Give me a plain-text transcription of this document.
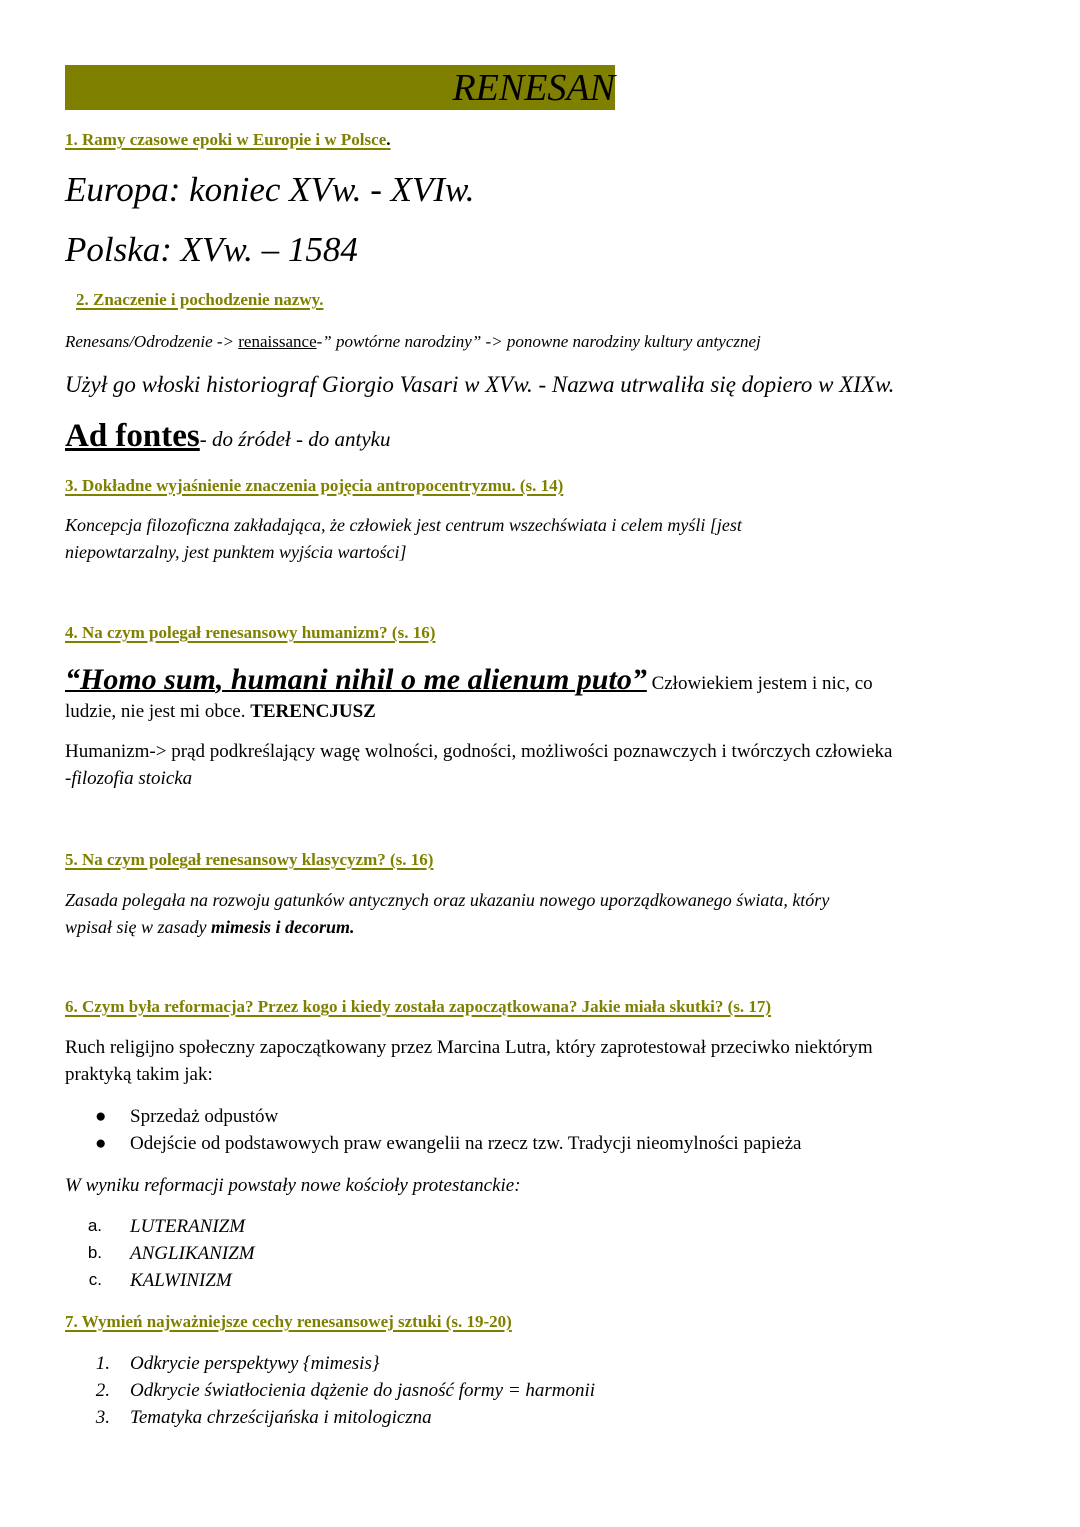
RENESAN
1. Ramy czasowe epoki w Europie i w Polsce.
Europa: koniec XVw. - XVIw.
Polska: XVw. – 1584
2. Znaczenie i pochodzenie nazwy.
Renesans/Odrodzenie -> renaissance-” powtórne narodziny” -> ponowne narodziny kultury antycznej
Użył go włoski historiograf Giorgio Vasari w XVw. - Nazwa utrwaliła się dopiero w XIXw.
Ad fontes- do źródeł - do antyku
3. Dokładne wyjaśnienie znaczenia pojęcia antropocentryzmu. (s. 14)
Koncepcja filozoficzna zakładająca, że człowiek jest centrum wszechświata i celem myśli [jest
niepowtarzalny, jest punktem wyjścia wartości]
4. Na czym polegał renesansowy humanizm? (s. 16)
“Homo sum, humani nihil o me alienum puto” Człowiekiem jestem i nic, co
ludzie, nie jest mi obce. TERENCJUSZ
Humanizm-> prąd podkreślający wagę wolności, godności, możliwości poznawczych i twórczych człowieka
-filozofia stoicka
5. Na czym polegał renesansowy klasycyzm? (s. 16)
Zasada polegała na rozwoju gatunków antycznych oraz ukazaniu nowego uporządkowanego świata, który
wpisał się w zasady mimesis i decorum.
6. Czym była reformacja? Przez kogo i kiedy została zapoczątkowana? Jakie miała skutki? (s. 17)
Ruch religijno społeczny zapoczątkowany przez Marcina Lutra, który zaprotestował przeciwko niektórym
praktyką takim jak:
● Sprzedaż odpustów
● Odejście od podstawowych praw ewangelii na rzecz tzw. Tradycji nieomylności papieża
W wyniku reformacji powstały nowe kościoły protestanckie:
a. LUTERANIZM
b. ANGLIKANIZM
c. KALWINIZM
7. Wymień najważniejsze cechy renesansowej sztuki (s. 19-20)
1. Odkrycie perspektywy {mimesis}
2. Odkrycie światłocienia dążenie do jasność formy = harmonii
3. Tematyka chrześcijańska i mitologiczna
